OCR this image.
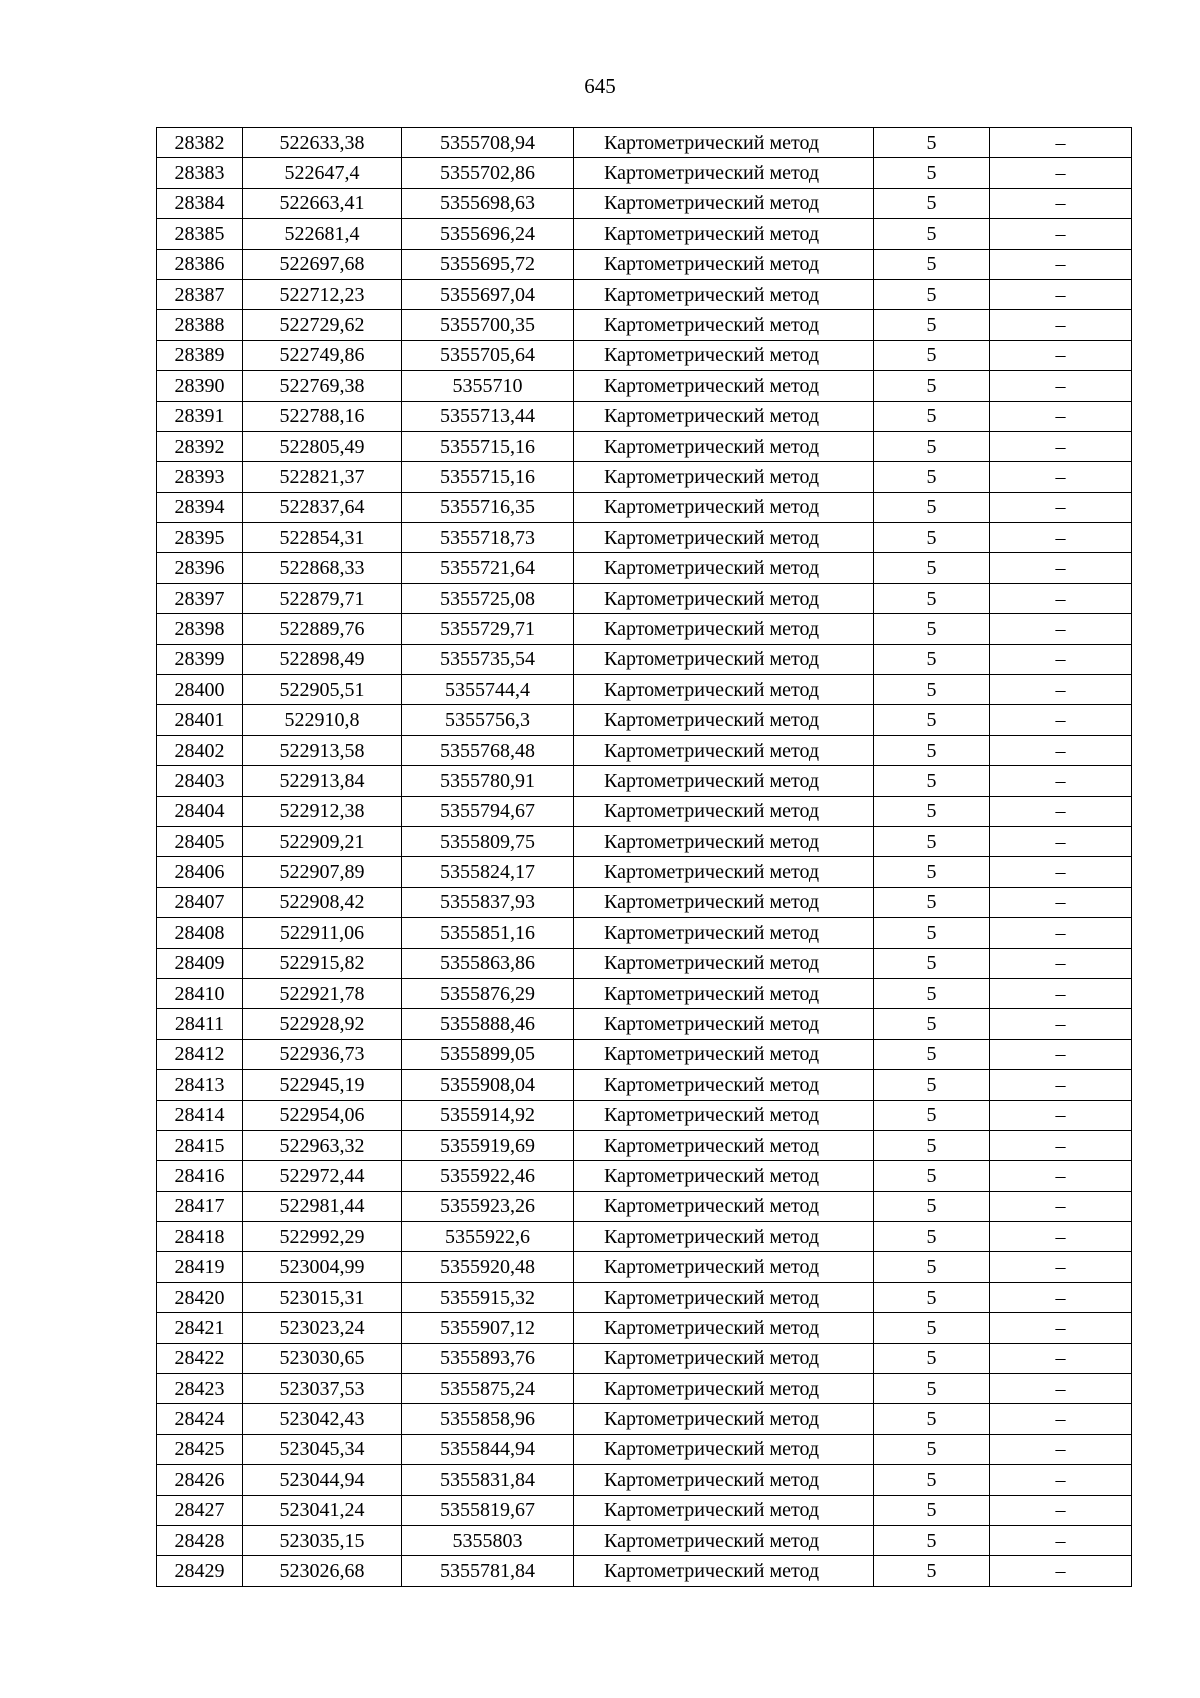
645
28382	522633,38	5355708,94	Картометрический метод	5	–
28383	522647,4	5355702,86	Картометрический метод	5	–
28384	522663,41	5355698,63	Картометрический метод	5	–
28385	522681,4	5355696,24	Картометрический метод	5	–
28386	522697,68	5355695,72	Картометрический метод	5	–
28387	522712,23	5355697,04	Картометрический метод	5	–
28388	522729,62	5355700,35	Картометрический метод	5	–
28389	522749,86	5355705,64	Картометрический метод	5	–
28390	522769,38	5355710	Картометрический метод	5	–
28391	522788,16	5355713,44	Картометрический метод	5	–
28392	522805,49	5355715,16	Картометрический метод	5	–
28393	522821,37	5355715,16	Картометрический метод	5	–
28394	522837,64	5355716,35	Картометрический метод	5	–
28395	522854,31	5355718,73	Картометрический метод	5	–
28396	522868,33	5355721,64	Картометрический метод	5	–
28397	522879,71	5355725,08	Картометрический метод	5	–
28398	522889,76	5355729,71	Картометрический метод	5	–
28399	522898,49	5355735,54	Картометрический метод	5	–
28400	522905,51	5355744,4	Картометрический метод	5	–
28401	522910,8	5355756,3	Картометрический метод	5	–
28402	522913,58	5355768,48	Картометрический метод	5	–
28403	522913,84	5355780,91	Картометрический метод	5	–
28404	522912,38	5355794,67	Картометрический метод	5	–
28405	522909,21	5355809,75	Картометрический метод	5	–
28406	522907,89	5355824,17	Картометрический метод	5	–
28407	522908,42	5355837,93	Картометрический метод	5	–
28408	522911,06	5355851,16	Картометрический метод	5	–
28409	522915,82	5355863,86	Картометрический метод	5	–
28410	522921,78	5355876,29	Картометрический метод	5	–
28411	522928,92	5355888,46	Картометрический метод	5	–
28412	522936,73	5355899,05	Картометрический метод	5	–
28413	522945,19	5355908,04	Картометрический метод	5	–
28414	522954,06	5355914,92	Картометрический метод	5	–
28415	522963,32	5355919,69	Картометрический метод	5	–
28416	522972,44	5355922,46	Картометрический метод	5	–
28417	522981,44	5355923,26	Картометрический метод	5	–
28418	522992,29	5355922,6	Картометрический метод	5	–
28419	523004,99	5355920,48	Картометрический метод	5	–
28420	523015,31	5355915,32	Картометрический метод	5	–
28421	523023,24	5355907,12	Картометрический метод	5	–
28422	523030,65	5355893,76	Картометрический метод	5	–
28423	523037,53	5355875,24	Картометрический метод	5	–
28424	523042,43	5355858,96	Картометрический метод	5	–
28425	523045,34	5355844,94	Картометрический метод	5	–
28426	523044,94	5355831,84	Картометрический метод	5	–
28427	523041,24	5355819,67	Картометрический метод	5	–
28428	523035,15	5355803	Картометрический метод	5	–
28429	523026,68	5355781,84	Картометрический метод	5	–
